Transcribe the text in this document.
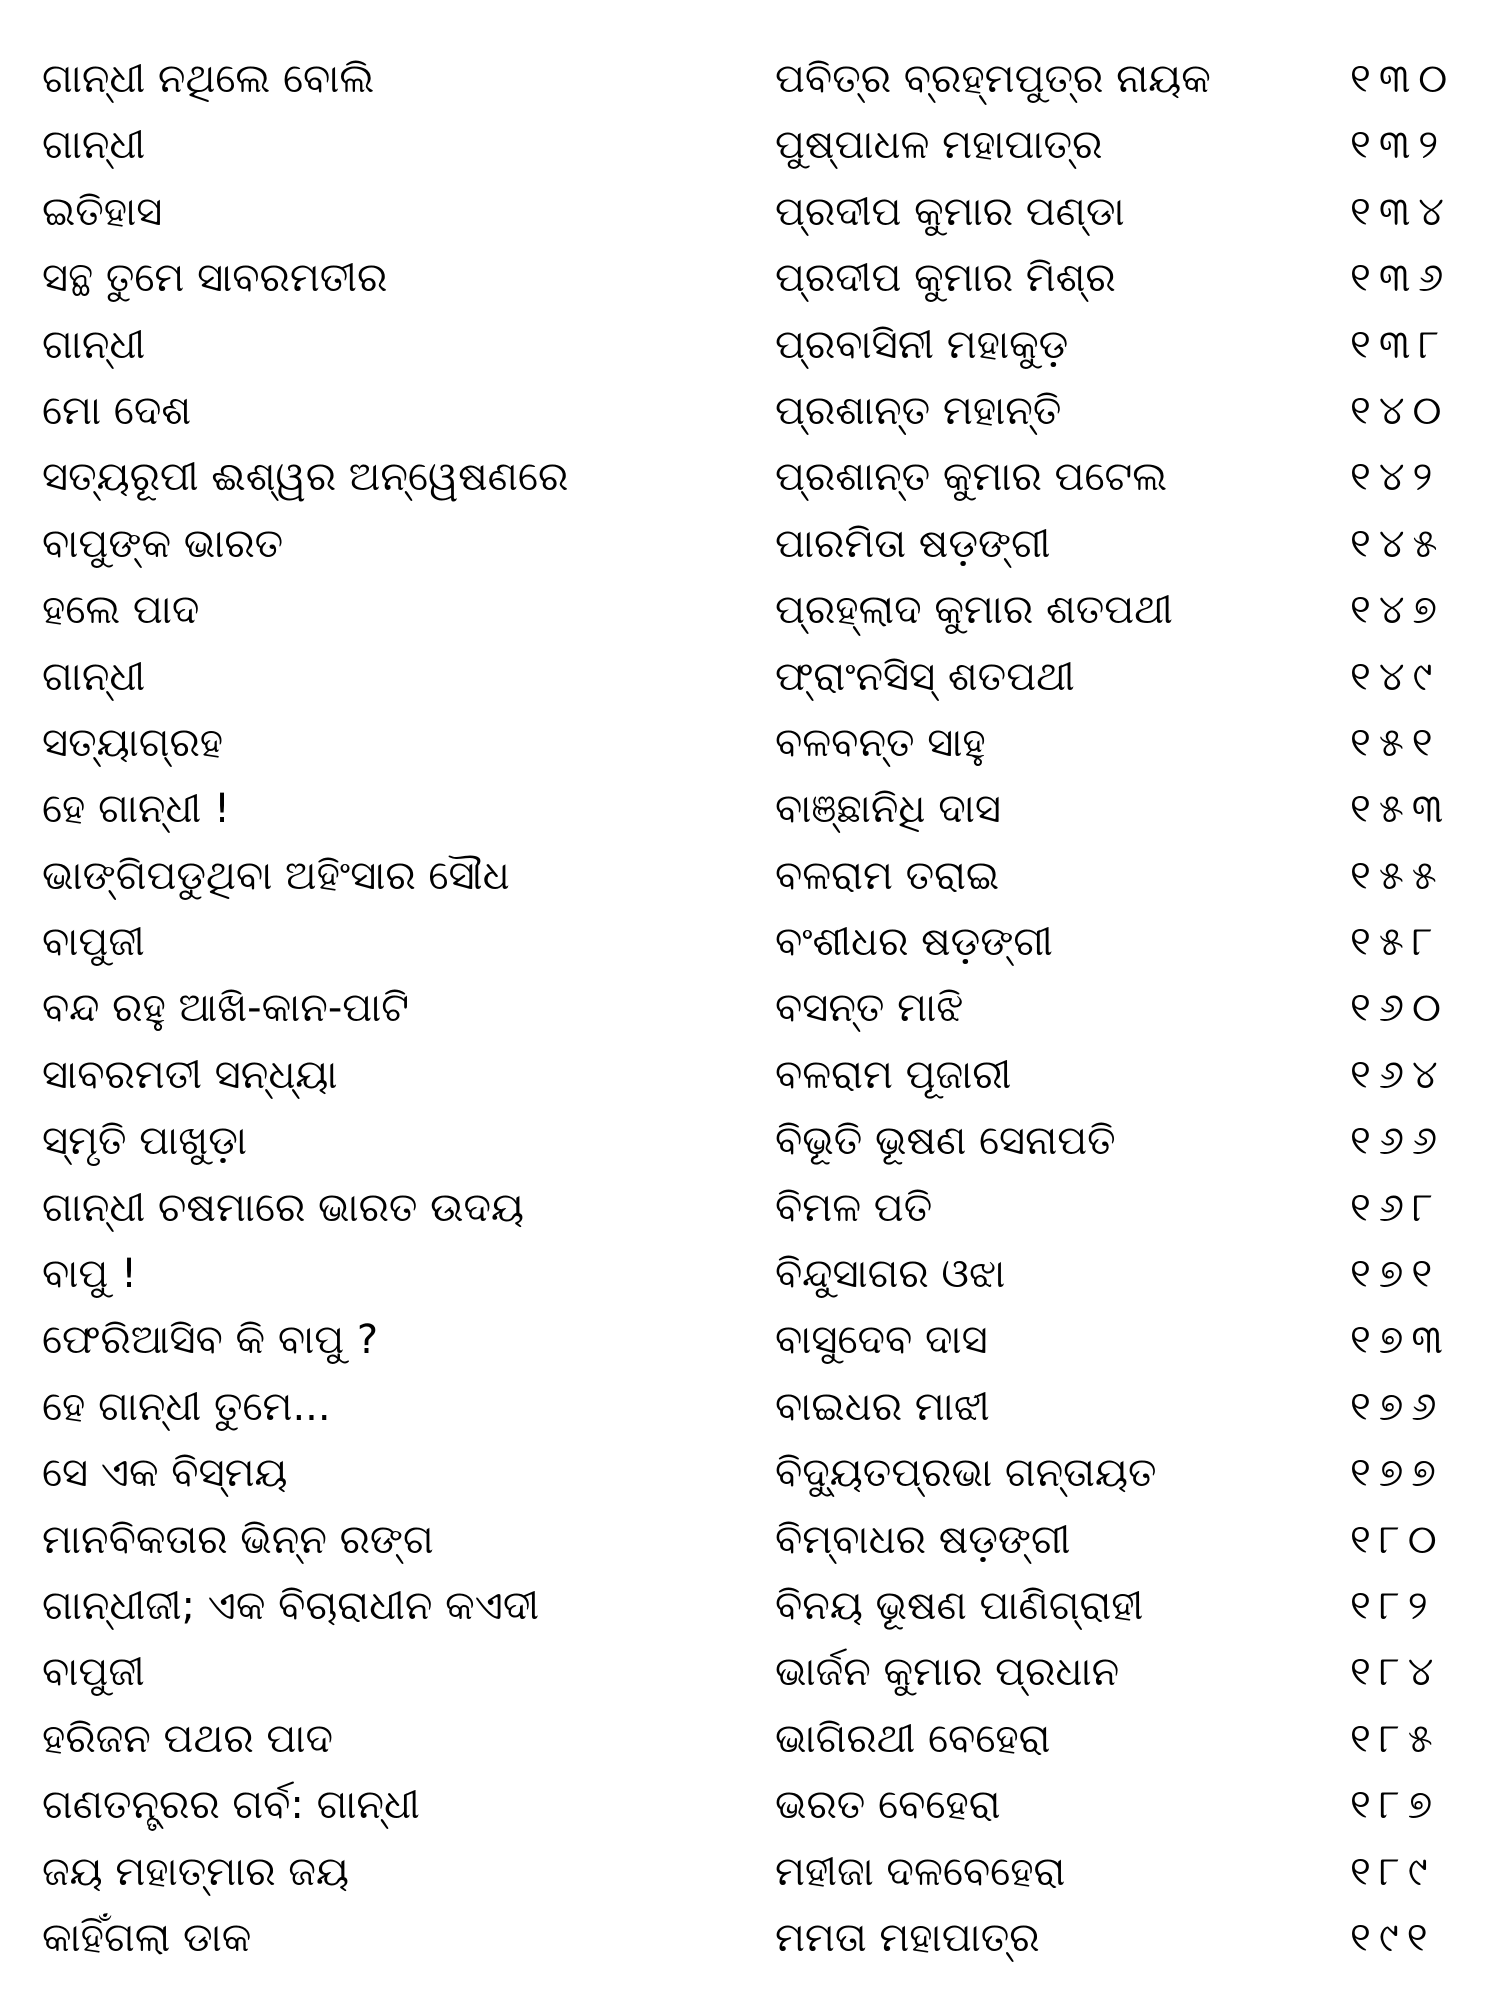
ଗାନ୍ଧୀ ନଥିଲେ ବୋଲି	ପବିତ୍ର ବ୍ରହ୍ମପୁତ୍ର ନାୟକ	୧୩୦
ଗାନ୍ଧୀ	ପୁଷ୍ପାଧଳ ମହାପାତ୍ର	୧୩୨
ଇତିହାସ	ପ୍ରଦୀପ କୁମାର ପଣ୍ଡା	୧୩୪
ସନ୍ଥ ତୁମେ ସାବରମତୀର	ପ୍ରଦୀପ କୁମାର ମିଶ୍ର	୧୩୬
ଗାନ୍ଧୀ	ପ୍ରବାସିନୀ ମହାକୁଡ଼	୧୩୮
ମୋ ଦେଶ	ପ୍ରଶାନ୍ତ ମହାନ୍ତି	୧୪୦
ସତ୍ୟରୂପୀ ଈଶ୍ୱର ଅନ୍ୱେଷଣରେ	ପ୍ରଶାନ୍ତ କୁମାର ପଟେଲ	୧୪୨
ବାପୁଙ୍କ ଭାରତ	ପାରମିତା ଷଡ଼ଙ୍ଗୀ	୧୪୫
ହଲେ ପାଦ	ପ୍ରହ୍ଲାଦ କୁମାର ଶତପଥୀ	୧୪୭
ଗାନ୍ଧୀ	ଫ୍ରାଂନସିସ୍ ଶତପଥୀ	୧୪୯
ସତ୍ୟାଗ୍ରହ	ବଳବନ୍ତ ସାହୁ	୧୫୧
ହେ ଗାନ୍ଧୀ !	ବାଞ୍ଛାନିଧି ଦାସ	୧୫୩
ଭାଙ୍ଗିପଡୁଥିବା ଅହିଂସାର ସୌଧ	ବଳରାମ ତରାଇ	୧୫୫
ବାପୁଜୀ	ବଂଶୀଧର ଷଡ଼ଙ୍ଗୀ	୧୫୮
ବନ୍ଦ ରହୁ ଆଖି-କାନ-ପାଟି	ବସନ୍ତ ମାଝି	୧୬୦
ସାବରମତୀ ସନ୍ଧ୍ୟା	ବଳରାମ ପୂଜାରୀ	୧୬୪
ସ୍ମୃତି ପାଖୁଡ଼ା	ବିଭୂତି ଭୂଷଣ ସେନାପତି	୧୬୬
ଗାନ୍ଧୀ ଚଷମାରେ ଭାରତ ଉଦୟ	ବିମଳ ପତି	୧୬୮
ବାପୁ !	ବିନ୍ଦୁସାଗର ଓଝା	୧୭୧
ଫେରିଆସିବ କି ବାପୁ ?	ବାସୁଦେବ ଦାସ	୧୭୩
ହେ ଗାନ୍ଧୀ ତୁମେ...	ବାଇଧର ମାଝୀ	୧୭୬
ସେ ଏକ ବିସ୍ମୟ	ବିଦ୍ୟୁତପ୍ରଭା ଗନ୍ତାୟତ	୧୭୭
ମାନବିକତାର ଭିନ୍ନ ରଙ୍ଗ	ବିମ୍ବାଧର ଷଡ଼ଙ୍ଗୀ	୧୮୦
ଗାନ୍ଧୀଜୀ; ଏକ ବିଚାରାଧୀନ କଏଦୀ	ବିନୟ ଭୂଷଣ ପାଣିଗ୍ରାହୀ	୧୮୨
ବାପୁଜୀ	ଭାର୍ଜନ କୁମାର ପ୍ରଧାନ	୧୮୪
ହରିଜନ ପଥର ପାଦ	ଭାଗିରଥୀ ବେହେରା	୧୮୫
ଗଣତନ୍ତ୍ରର ଗର୍ବ: ଗାନ୍ଧୀ	ଭରତ ବେହେରା	୧୮୭
ଜୟ ମହାତ୍ମାର ଜୟ	ମହୀଜା ଦଳବେହେରା	୧୮୯
କାହିଁଗଲା ଡାକ	ମମତା ମହାପାତ୍ର	୧୯୧
